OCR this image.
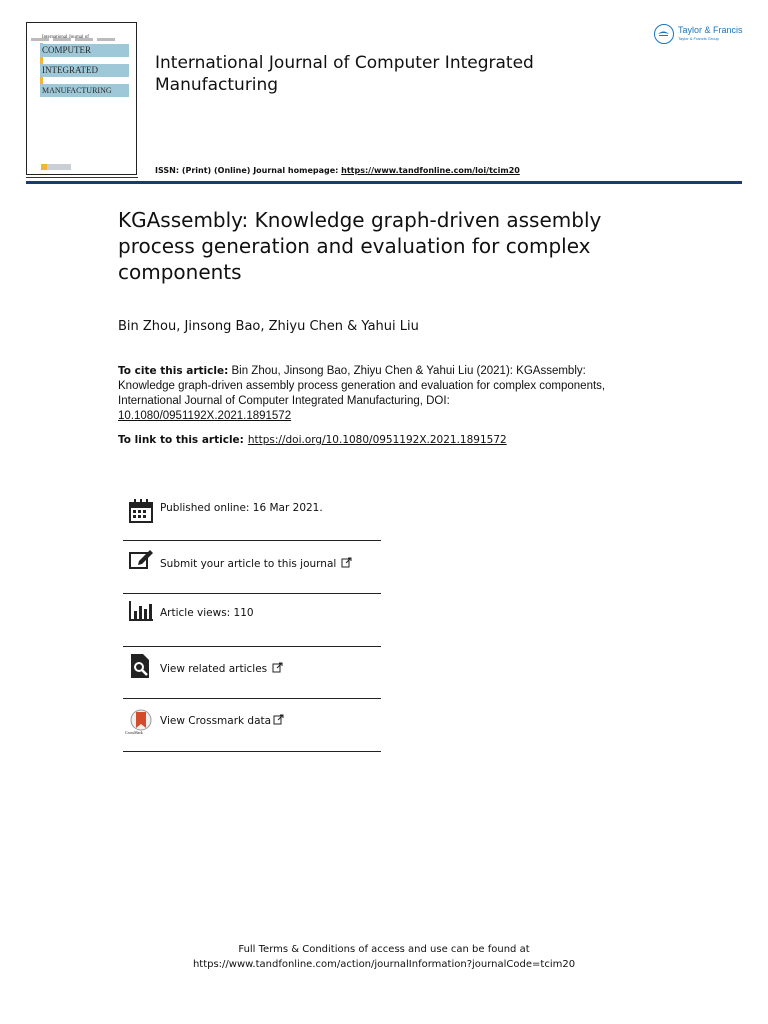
International Journal of
COMPUTER
INTEGRATED
MANUFACTURING
International Journal of Computer Integrated Manufacturing
ISSN: (Print) (Online) Journal homepage: https://www.tandfonline.com/loi/tcim20
Taylor & Francis
Taylor & Francis Group
KGAssembly: Knowledge graph-driven assembly process generation and evaluation for complex components
Bin Zhou, Jinsong Bao, Zhiyu Chen & Yahui Liu
To cite this article: Bin Zhou, Jinsong Bao, Zhiyu Chen & Yahui Liu (2021): KGAssembly: Knowledge graph-driven assembly process generation and evaluation for complex components, International Journal of Computer Integrated Manufacturing, DOI: 10.1080/0951192X.2021.1891572
To link to this article: https://doi.org/10.1080/0951192X.2021.1891572
Published online: 16 Mar 2021.
Submit your article to this journal
Article views: 110
View related articles
CrossMark
View Crossmark data
Full Terms & Conditions of access and use can be found at
https://www.tandfonline.com/action/journalInformation?journalCode=tcim20
